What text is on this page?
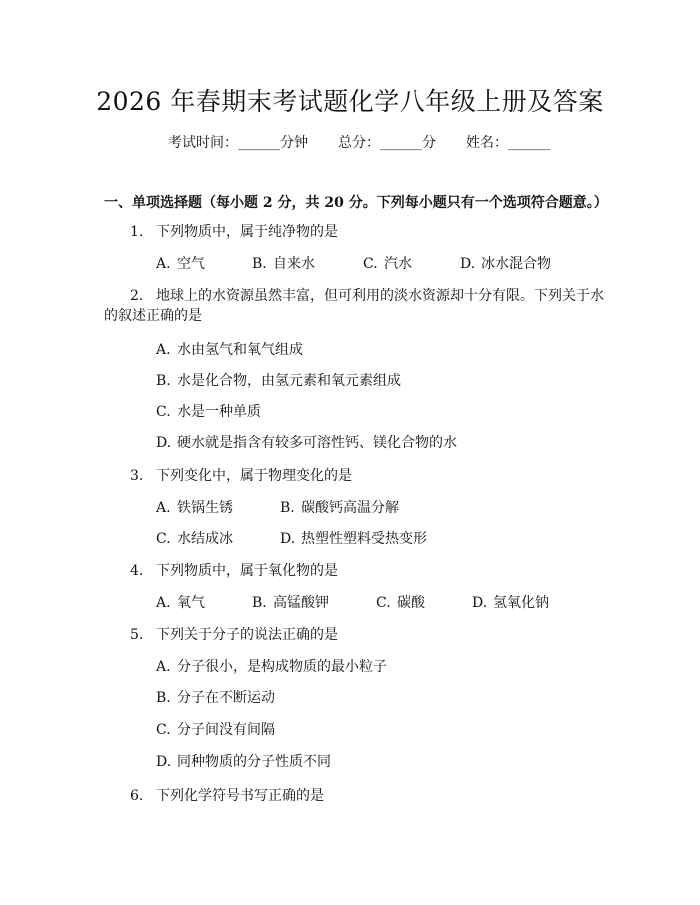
2026 年春期末考试题化学八年级上册及答案
考试时间：______分钟 总分：______分 姓名：______
一、单项选择题（每小题 2 分，共 20 分。下列每小题只有一个选项符合题意。）
1. 下列物质中，属于纯净物的是
A. 空气	B. 自来水	C. 汽水	D. 冰水混合物
2. 地球上的水资源虽然丰富，但可利用的淡水资源却十分有限。下列关于水
的叙述正确的是
A. 水由氢气和氧气组成
B. 水是化合物，由氢元素和氧元素组成
C. 水是一种单质
D. 硬水就是指含有较多可溶性钙、镁化合物的水
3. 下列变化中，属于物理变化的是
A. 铁锅生锈	B. 碳酸钙高温分解
C. 水结成冰	D. 热塑性塑料受热变形
4. 下列物质中，属于氧化物的是
A. 氧气	B. 高锰酸钾	C. 碳酸	D. 氢氧化钠
5. 下列关于分子的说法正确的是
A. 分子很小，是构成物质的最小粒子
B. 分子在不断运动
C. 分子间没有间隔
D. 同种物质的分子性质不同
6. 下列化学符号书写正确的是
